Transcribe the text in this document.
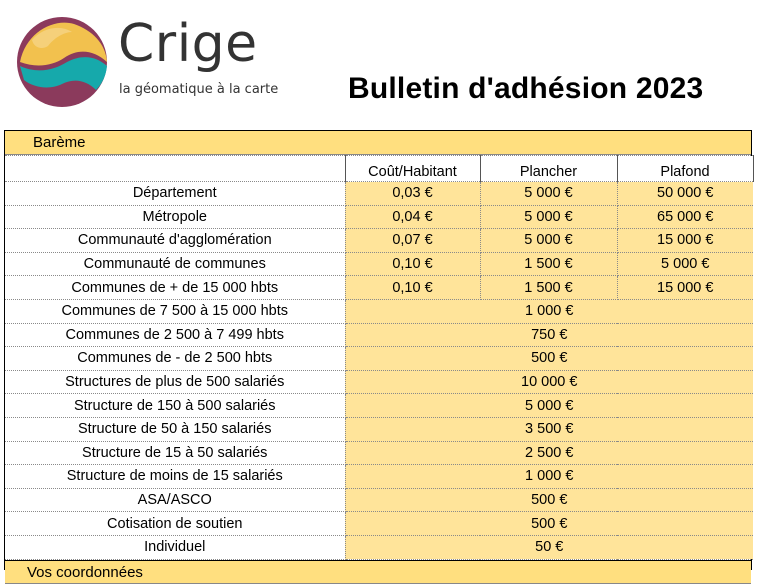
Crige
la géomatique à la carte Bulletin d'adhésion 2023
Barème
	Coût/Habitant	Plancher	Plafond
Département	0,03 €	5 000 €	50 000 €
Métropole	0,04 €	5 000 €	65 000 €
Communauté d'agglomération	0,07 €	5 000 €	15 000 €
Communauté de communes	0,10 €	1 500 €	5 000 €
Communes de + de 15 000 hbts	0,10 €	1 500 €	15 000 €
Communes de 7 500 à 15 000 hbts	1 000 €		
Communes de 2 500 à 7 499 hbts	750 €		
Communes de - de 2 500 hbts	500 €		
Structures de plus de 500 salariés	10 000 €		
Structure de 150 à 500 salariés	5 000 €		
Structure de 50 à 150 salariés	3 500 €		
Structure de 15 à 50 salariés	2 500 €		
Structure de moins de 15 salariés	1 000 €		
ASA/ASCO	500 €		
Cotisation de soutien	500 €		
Individuel	50 €		
Vos coordonnées
